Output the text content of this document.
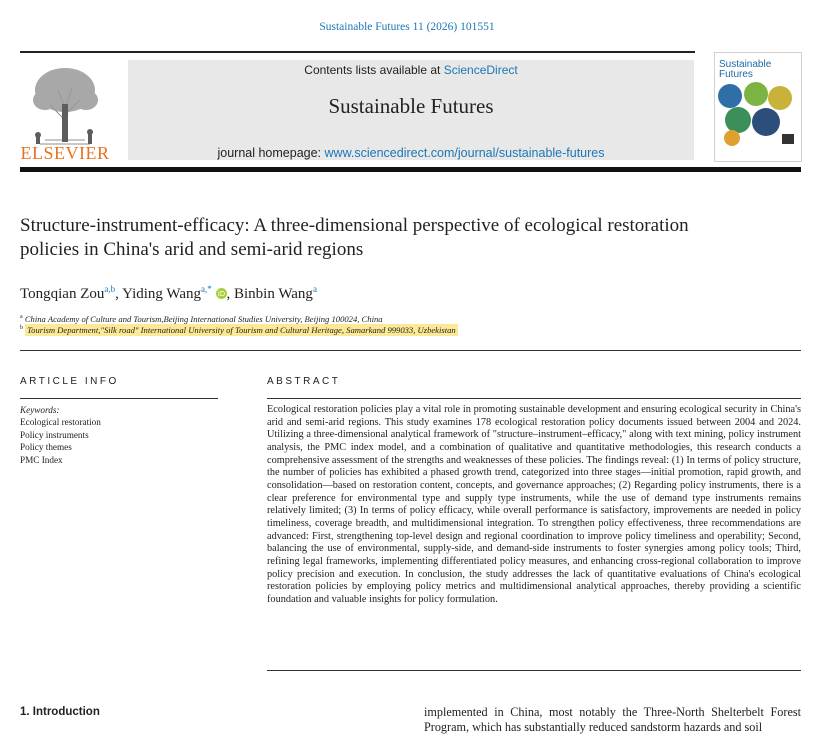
Sustainable Futures 11 (2026) 101551
ELSEVIER
Contents lists available at ScienceDirect
Sustainable Futures
journal homepage: www.sciencedirect.com/journal/sustainable-futures
Sustainable
Futures
Structure-instrument-efficacy: A three-dimensional perspective of ecological restoration policies in China's arid and semi-arid regions
Tongqian Zou$^{a,b}$, Yiding Wang$^{a,*}$ iD , Binbin Wang$^a$
$^a$ China Academy of Culture and Tourism,Beijing International Studies University, Beijing 100024, China
$^b$ Tourism Department,"Silk road" International University of Tourism and Cultural Heritage, Samarkand 999033, Uzbekistan
ARTICLE INFO	ABSTRACT
Keywords:
Ecological restoration
Policy instruments
Policy themes
PMC Index
Ecological restoration policies play a vital role in promoting sustainable development and ensuring ecological security in China's arid and semi-arid regions. This study examines 178 ecological restoration policy documents issued between 2004 and 2024. Utilizing a three-dimensional analytical framework of "structure–instrument–efficacy," along with text mining, policy instrument analysis, the PMC index model, and a combination of qualitative and quantitative methodologies, this research conducts a comprehensive assessment of the strengths and weaknesses of these policies. The findings reveal: (1) In terms of policy structure, the number of policies has exhibited a phased growth trend, categorized into three stages—initial promotion, rapid growth, and consolidation—based on restoration content, concepts, and governance approaches; (2) Regarding policy instruments, there is a clear preference for environmental type and supply type instruments, while the use of demand type instruments remains relatively limited; (3) In terms of policy efficacy, while overall performance is satisfactory, improvements are needed in policy timeliness, coverage breadth, and multidimensional integration. To strengthen policy effectiveness, three recommendations are advanced: First, strengthening top-level design and regional coordination to improve policy timeliness and operability; Second, balancing the use of environmental, supply-side, and demand-side instruments to foster synergies among policy tools; Third, refining legal frameworks, implementing differentiated policy measures, and enhancing cross-regional collaboration to improve policy precision and execution. In conclusion, the study addresses the lack of quantitative evaluations of China's ecological restoration policies by employing policy metrics and multidimensional analytical approaches, thereby providing a scientific foundation and valuable insights for policy formulation.
1. Introduction	implemented in China, most notably the Three-North Shelterbelt Forest Program, which has substantially reduced sandstorm hazards and soil
